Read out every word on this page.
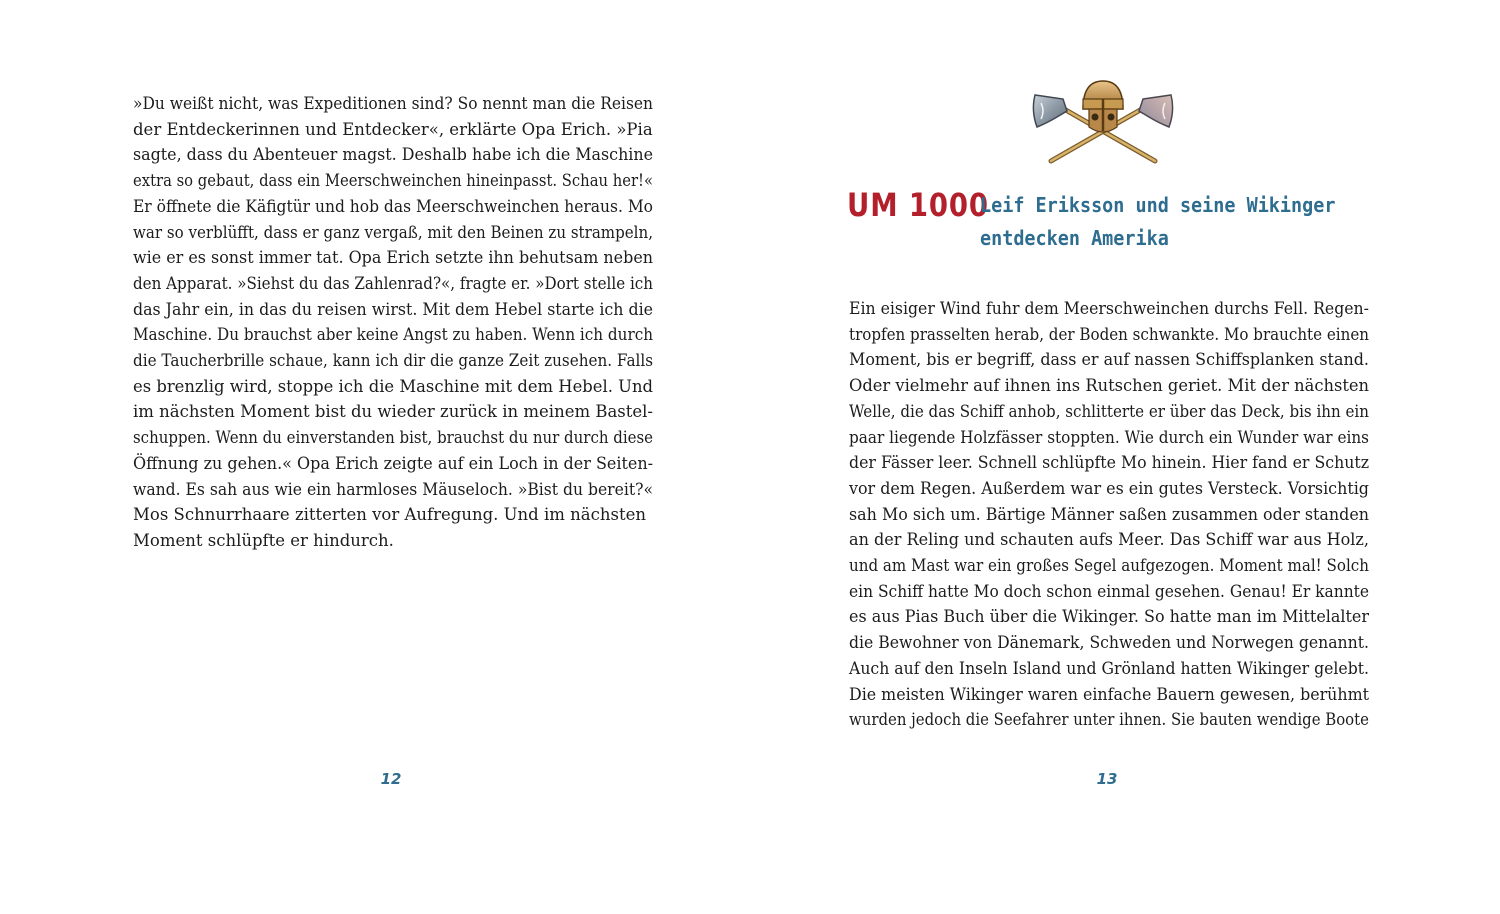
»Du weißt nicht, was Expeditionen sind? So nennt man die Reisen
der Entdeckerinnen und Entdecker«, erklärte Opa Erich. »Pia
sagte, dass du Abenteuer magst. Deshalb habe ich die Maschine
extra so gebaut, dass ein Meerschweinchen hineinpasst. Schau her!«
Er öffnete die Käfigtür und hob das Meerschweinchen heraus. Mo
war so verblüfft, dass er ganz vergaß, mit den Beinen zu strampeln,
wie er es sonst immer tat. Opa Erich setzte ihn behutsam neben
den Apparat. »Siehst du das Zahlenrad?«, fragte er. »Dort stelle ich
das Jahr ein, in das du reisen wirst. Mit dem Hebel starte ich die
Maschine. Du brauchst aber keine Angst zu haben. Wenn ich durch
die Taucherbrille schaue, kann ich dir die ganze Zeit zusehen. Falls
es brenzlig wird, stoppe ich die Maschine mit dem Hebel. Und
im nächsten Moment bist du wieder zurück in meinem Bastel-
schuppen. Wenn du einverstanden bist, brauchst du nur durch diese
Öffnung zu gehen.« Opa Erich zeigte auf ein Loch in der Seiten-
wand. Es sah aus wie ein harmloses Mäuseloch. »Bist du bereit?«
Mos Schnurrhaare zitterten vor Aufregung. Und im nächsten
Moment schlüpfte er hindurch.
12
UM 1000
Leif Eriksson und seine Wikinger
entdecken Amerika
Ein eisiger Wind fuhr dem Meerschweinchen durchs Fell. Regen-
tropfen prasselten herab, der Boden schwankte. Mo brauchte einen
Moment, bis er begriff, dass er auf nassen Schiffsplanken stand.
Oder vielmehr auf ihnen ins Rutschen geriet. Mit der nächsten
Welle, die das Schiff anhob, schlitterte er über das Deck, bis ihn ein
paar liegende Holzfässer stoppten. Wie durch ein Wunder war eins
der Fässer leer. Schnell schlüpfte Mo hinein. Hier fand er Schutz
vor dem Regen. Außerdem war es ein gutes Versteck. Vorsichtig
sah Mo sich um. Bärtige Männer saßen zusammen oder standen
an der Reling und schauten aufs Meer. Das Schiff war aus Holz,
und am Mast war ein großes Segel aufgezogen. Moment mal! Solch
ein Schiff hatte Mo doch schon einmal gesehen. Genau! Er kannte
es aus Pias Buch über die Wikinger. So hatte man im Mittelalter
die Bewohner von Dänemark, Schweden und Norwegen genannt.
Auch auf den Inseln Island und Grönland hatten Wikinger gelebt.
Die meisten Wikinger waren einfache Bauern gewesen, berühmt
wurden jedoch die Seefahrer unter ihnen. Sie bauten wendige Boote
13
